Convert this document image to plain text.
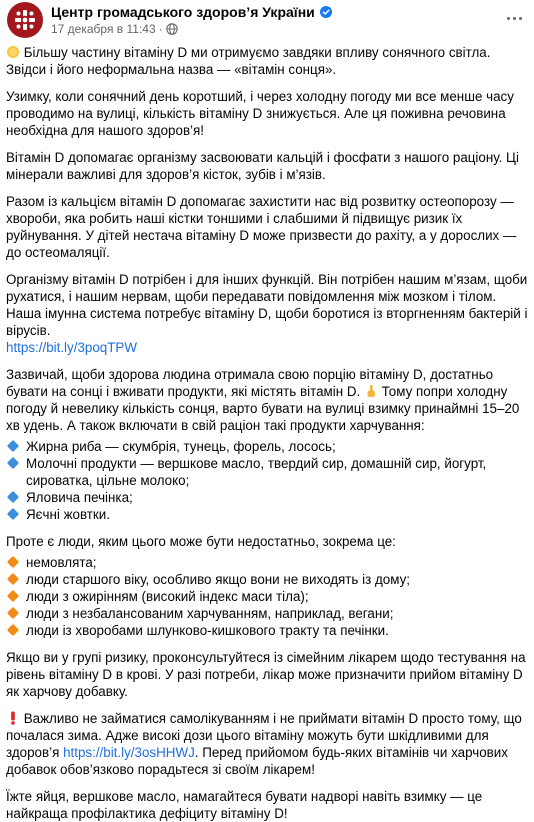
Центр громадського здоров’я України
17 декабря в 11:43 ·

Більшу частину вітаміну D ми отримуємо завдяки впливу сонячного світла. Звідси і його неформальна назва — «вітамін сонця».

Узимку, коли сонячний день коротший, і через холодну погоду ми все менше часу проводимо на вулиці, кількість вітаміну D знижується. Але ця поживна речовина необхідна для нашого здоров’я!

Вітамін D допомагає організму засвоювати кальцій і фосфати з нашого раціону. Ці мінерали важливі для здоров’я кісток, зубів і м’язів.

Разом із кальцієм вітамін D допомагає захистити нас від розвитку остеопорозу — хвороби, яка робить наші кістки тоншими і слабшими й підвищує ризик їх руйнування. У дітей нестача вітаміну D може призвести до рахіту, а у дорослих — до остеомаляції.

Організму вітамін D потрібен і для інших функцій. Він потрібен нашим м’язам, щоби рухатися, і нашим нервам, щоби передавати повідомлення між мозком і тілом. Наша імунна система потребує вітаміну D, щоби боротися із вторгненням бактерій і вірусів.
https://bit.ly/3poqTPW

Зазвичай, щоби здорова людина отримала свою порцію вітаміну D, достатньо бувати на сонці і вживати продукти, які містять вітамін D.  Тому попри холодну погоду й невелику кількість сонця, варто бувати на вулиці взимку принаймні 15–20 хв удень. А також включати в свій раціон такі продукти харчування:

Жирна риба — скумбрія, тунець, форель, лосось;
Молочні продукти — вершкове масло, твердий сир, домашній сир, йогурт, сироватка, цільне молоко;
Яловича печінка;
Яєчні жовтки.

Проте є люди, яким цього може бути недостатньо, зокрема це:

немовлята;
люди старшого віку, особливо якщо вони не виходять із дому;
люди з ожирінням (високий індекс маси тіла);
люди з незбалансованим харчуванням, наприклад, вегани;
люди із хворобами шлунково-кишкового тракту та печінки.

Якщо ви у групі ризику, проконсультуйтеся із сімейним лікарем щодо тестування на рівень вітаміну D в крові. У разі потреби, лікар може призначити прийом вітаміну D як харчову добавку.

Важливо не займатися самолікуванням і не приймати вітамін D просто тому, що почалася зима. Адже високі дози цього вітаміну можуть бути шкідливими для здоров’я https://bit.ly/3osHHWJ. Перед прийомом будь-яких вітамінів чи харчових добавок обов’язково порадьтеся зі своїм лікарем!

Їжте яйця, вершкове масло, намагайтеся бувати надворі навіть взимку — це найкраща профілактика дефіциту вітаміну D!
